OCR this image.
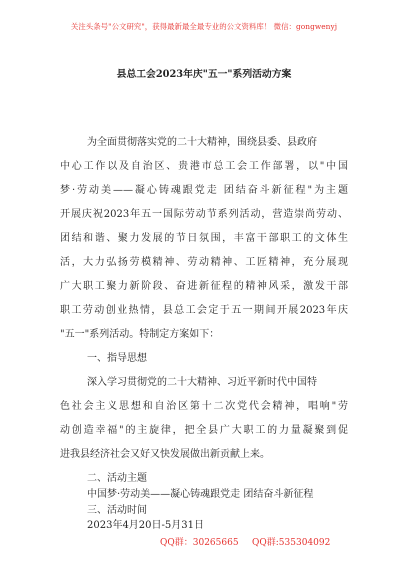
关注头条号"公文研究"，获得最新最全最专业的公文资料库！ 微信：gongwenyj
县总工会2023年庆"五一"系列活动方案
为全面贯彻落实党的二十大精神，围绕县委、县政府
中心工作以及自治区、贵港市总工会工作部署，以"中国
梦·劳动美——凝心铸魂跟党走 团结奋斗新征程"为主题
开展庆祝2023年五一国际劳动节系列活动，营造崇尚劳动、
团结和谐、聚力发展的节日氛围，丰富干部职工的文体生
活，大力弘扬劳模精神、劳动精神、工匠精神，充分展现
广大职工聚力新阶段、奋进新征程的精神风采，激发干部
职工劳动创业热情，县总工会定于五一期间开展2023年庆
"五一"系列活动。特制定方案如下：
一、指导思想
深入学习贯彻党的二十大精神、习近平新时代中国特
色社会主义思想和自治区第十二次党代会精神，唱响"劳
动创造幸福"的主旋律，把全县广大职工的力量凝聚到促
进我县经济社会又好又快发展做出新贡献上来。
二、活动主题
中国梦·劳动美——凝心铸魂跟党走 团结奋斗新征程
三、活动时间
2023年4月20日-5月31日
QQ群：30265665 QQ群:535304092
